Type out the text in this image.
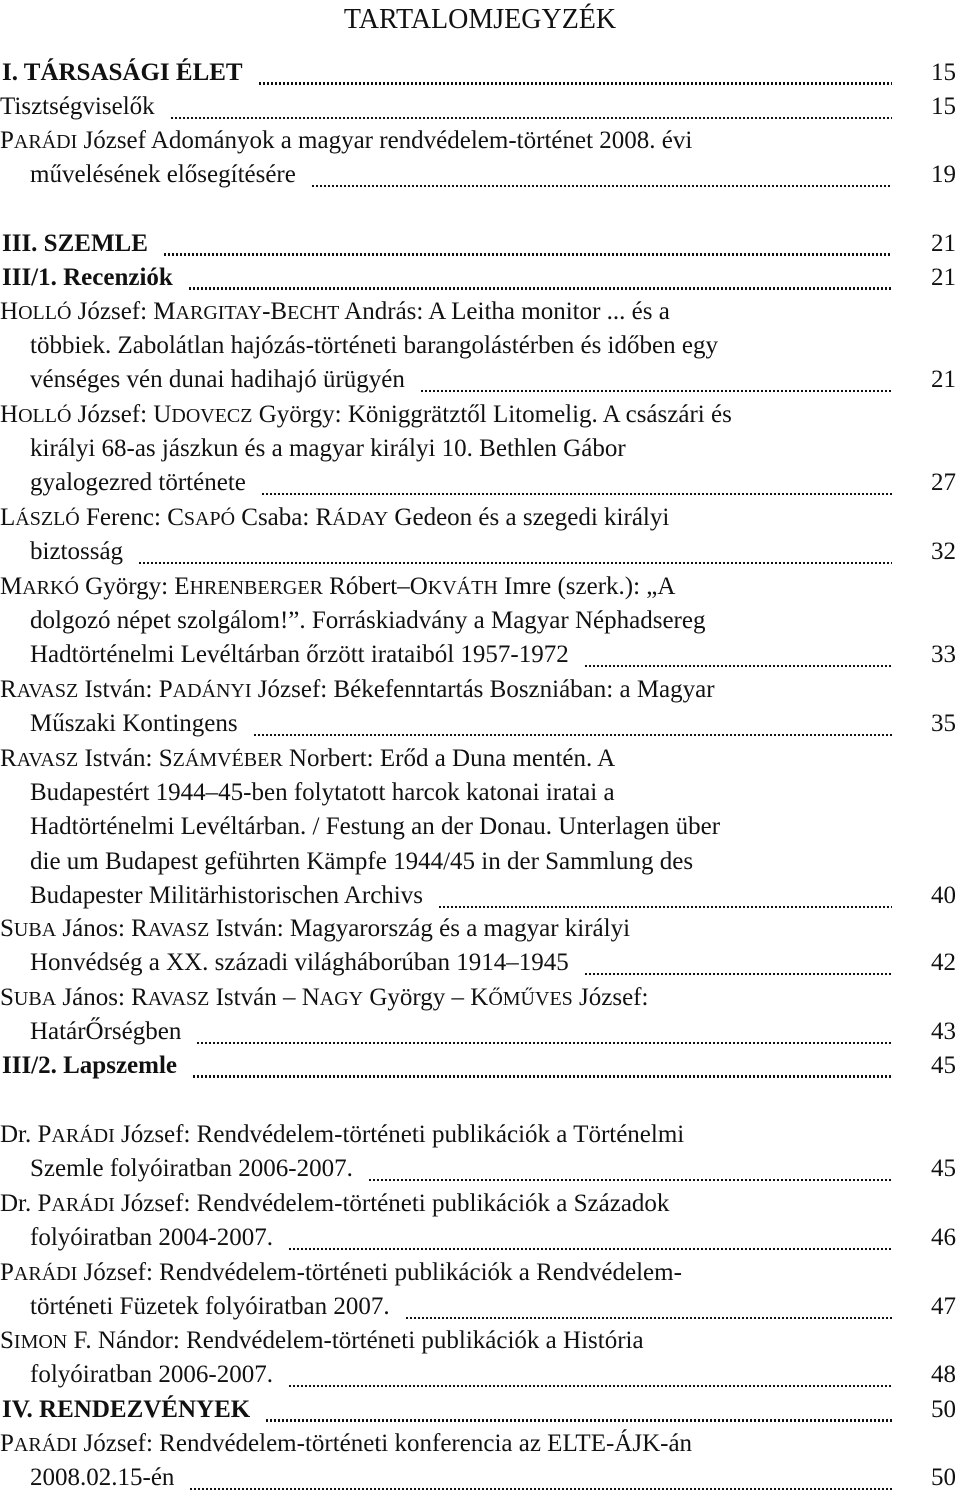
TARTALOMJEGYZÉK
I. TÁRSASÁGI ÉLET	15
Tisztségviselők	15
PARÁDI József Adományok a magyar rendvédelem-történet 2008. évi
művelésének elősegítésére	19
III. SZEMLE	21
III/1. Recenziók	21
HOLLÓ József: MARGITAY-BECHT András: A Leitha monitor ... és a
többiek. Zabolátlan hajózás-történeti barangolástérben és időben egy
vénséges vén dunai hadihajó ürügyén	21
HOLLÓ József: UDOVECZ György: Königgrätztől Litomelig. A császári és
királyi 68-as jászkun és a magyar királyi 10. Bethlen Gábor
gyalogezred története	27
LÁSZLÓ Ferenc: CSAPÓ Csaba: RÁDAY Gedeon és a szegedi királyi
biztosság	32
MARKÓ György: EHRENBERGER Róbert–OKVÁTH Imre (szerk.): „A
dolgozó népet szolgálom!”. Forráskiadvány a Magyar Néphadsereg
Hadtörténelmi Levéltárban őrzött irataiból 1957-1972	33
RAVASZ István: PADÁNYI József: Békefenntartás Boszniában: a Magyar
Műszaki Kontingens	35
RAVASZ István: SZÁMVÉBER Norbert: Erőd a Duna mentén. A
Budapestért 1944–45-ben folytatott harcok katonai iratai a
Hadtörténelmi Levéltárban. / Festung an der Donau. Unterlagen über
die um Budapest geführten Kämpfe 1944/45 in der Sammlung des
Budapester Militärhistorischen Archivs	40
SUBA János: RAVASZ István: Magyarország és a magyar királyi
Honvédség a XX. századi világháborúban 1914–1945	42
SUBA János: RAVASZ István – NAGY György – KŐMŰVES József:
HatárŐrségben	43
III/2. Lapszemle	45
Dr. PARÁDI József: Rendvédelem-történeti publikációk a Történelmi
Szemle folyóiratban 2006-2007.	45
Dr. PARÁDI József: Rendvédelem-történeti publikációk a Századok
folyóiratban 2004-2007.	46
PARÁDI József: Rendvédelem-történeti publikációk a Rendvédelem-
történeti Füzetek folyóiratban 2007.	47
SIMON F. Nándor: Rendvédelem-történeti publikációk a História
folyóiratban 2006-2007.	48
IV. RENDEZVÉNYEK	50
PARÁDI József: Rendvédelem-történeti konferencia az ELTE-ÁJK-án
2008.02.15-én	50
